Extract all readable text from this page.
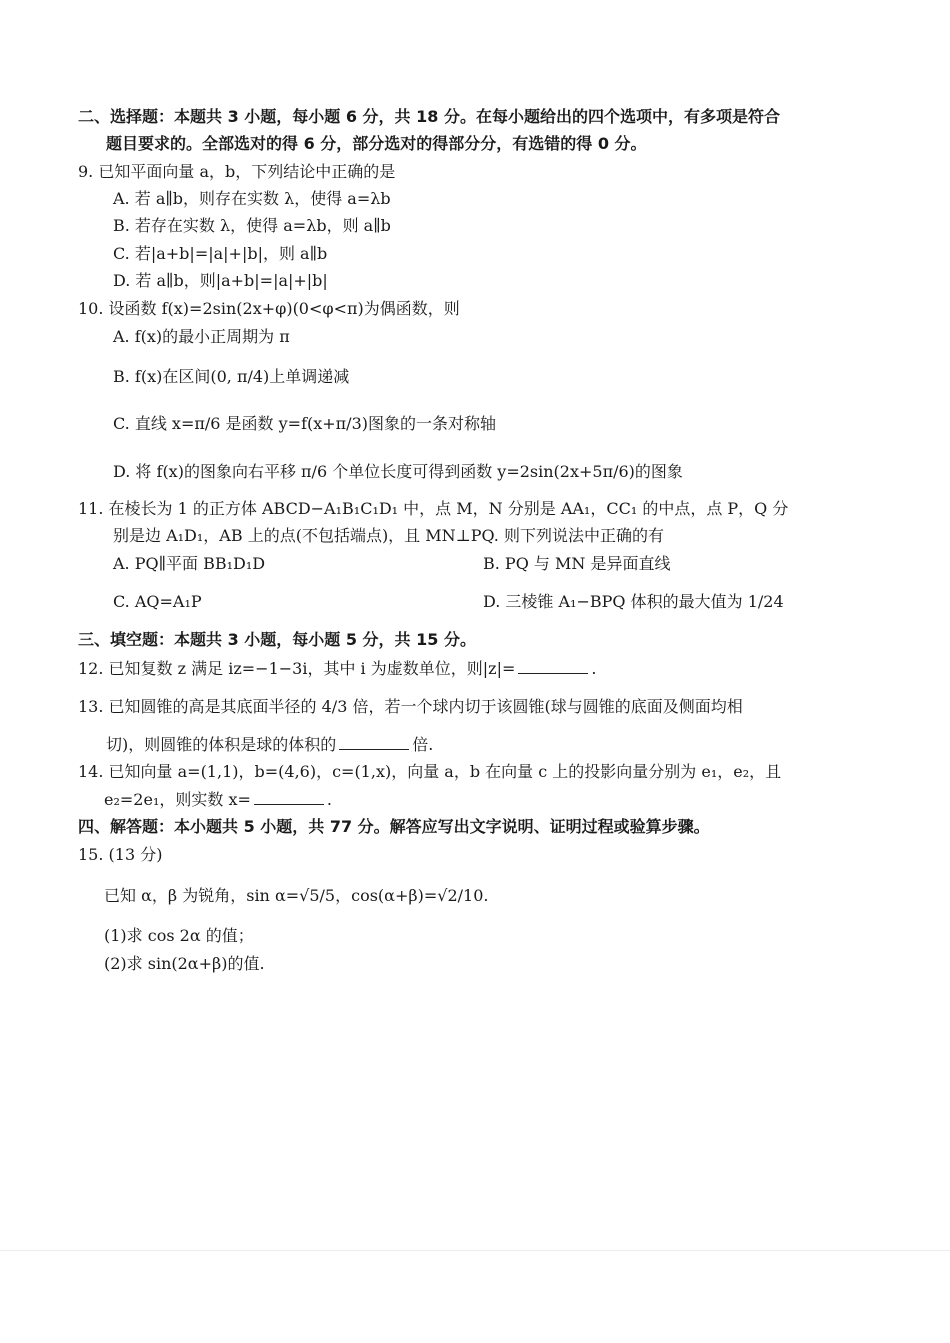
二、选择题：本题共 3 小题，每小题 6 分，共 18 分。在每小题给出的四个选项中，有多项是符合
题目要求的。全部选对的得 6 分，部分选对的得部分分，有选错的得 0 分。
9. 已知平面向量 a，b，下列结论中正确的是
A. 若 a∥b，则存在实数 λ，使得 a=λb
B. 若存在实数 λ，使得 a=λb，则 a∥b
C. 若|a+b|=|a|+|b|，则 a∥b
D. 若 a∥b，则|a+b|=|a|+|b|
10. 设函数 f(x)=2sin(2x+φ)(0<φ<π)为偶函数，则
A. f(x)的最小正周期为 π
B. f(x)在区间(0, π/4)上单调递减
C. 直线 x=π/6 是函数 y=f(x+π/3)图象的一条对称轴
D. 将 f(x)的图象向右平移 π/6 个单位长度可得到函数 y=2sin(2x+5π/6)的图象
11. 在棱长为 1 的正方体 ABCD−A₁B₁C₁D₁ 中，点 M，N 分别是 AA₁，CC₁ 的中点，点 P，Q 分
别是边 A₁D₁，AB 上的点(不包括端点)，且 MN⊥PQ. 则下列说法中正确的有
A. PQ∥平面 BB₁D₁D	B. PQ 与 MN 是异面直线
C. AQ=A₁P	D. 三棱锥 A₁−BPQ 体积的最大值为 1/24
三、填空题：本题共 3 小题，每小题 5 分，共 15 分。
12. 已知复数 z 满足 iz=−1−3i，其中 i 为虚数单位，则|z|=	.
13. 已知圆锥的高是其底面半径的 4/3 倍，若一个球内切于该圆锥(球与圆锥的底面及侧面均相
切)，则圆锥的体积是球的体积的	倍.
14. 已知向量 a=(1,1)，b=(4,6)，c=(1,x)，向量 a，b 在向量 c 上的投影向量分别为 e₁，e₂，且
e₂=2e₁，则实数 x=	.
四、解答题：本小题共 5 小题，共 77 分。解答应写出文字说明、证明过程或验算步骤。
15. (13 分)
已知 α，β 为锐角，sin α=√5/5，cos(α+β)=√2/10.
(1)求 cos 2α 的值；
(2)求 sin(2α+β)的值.
